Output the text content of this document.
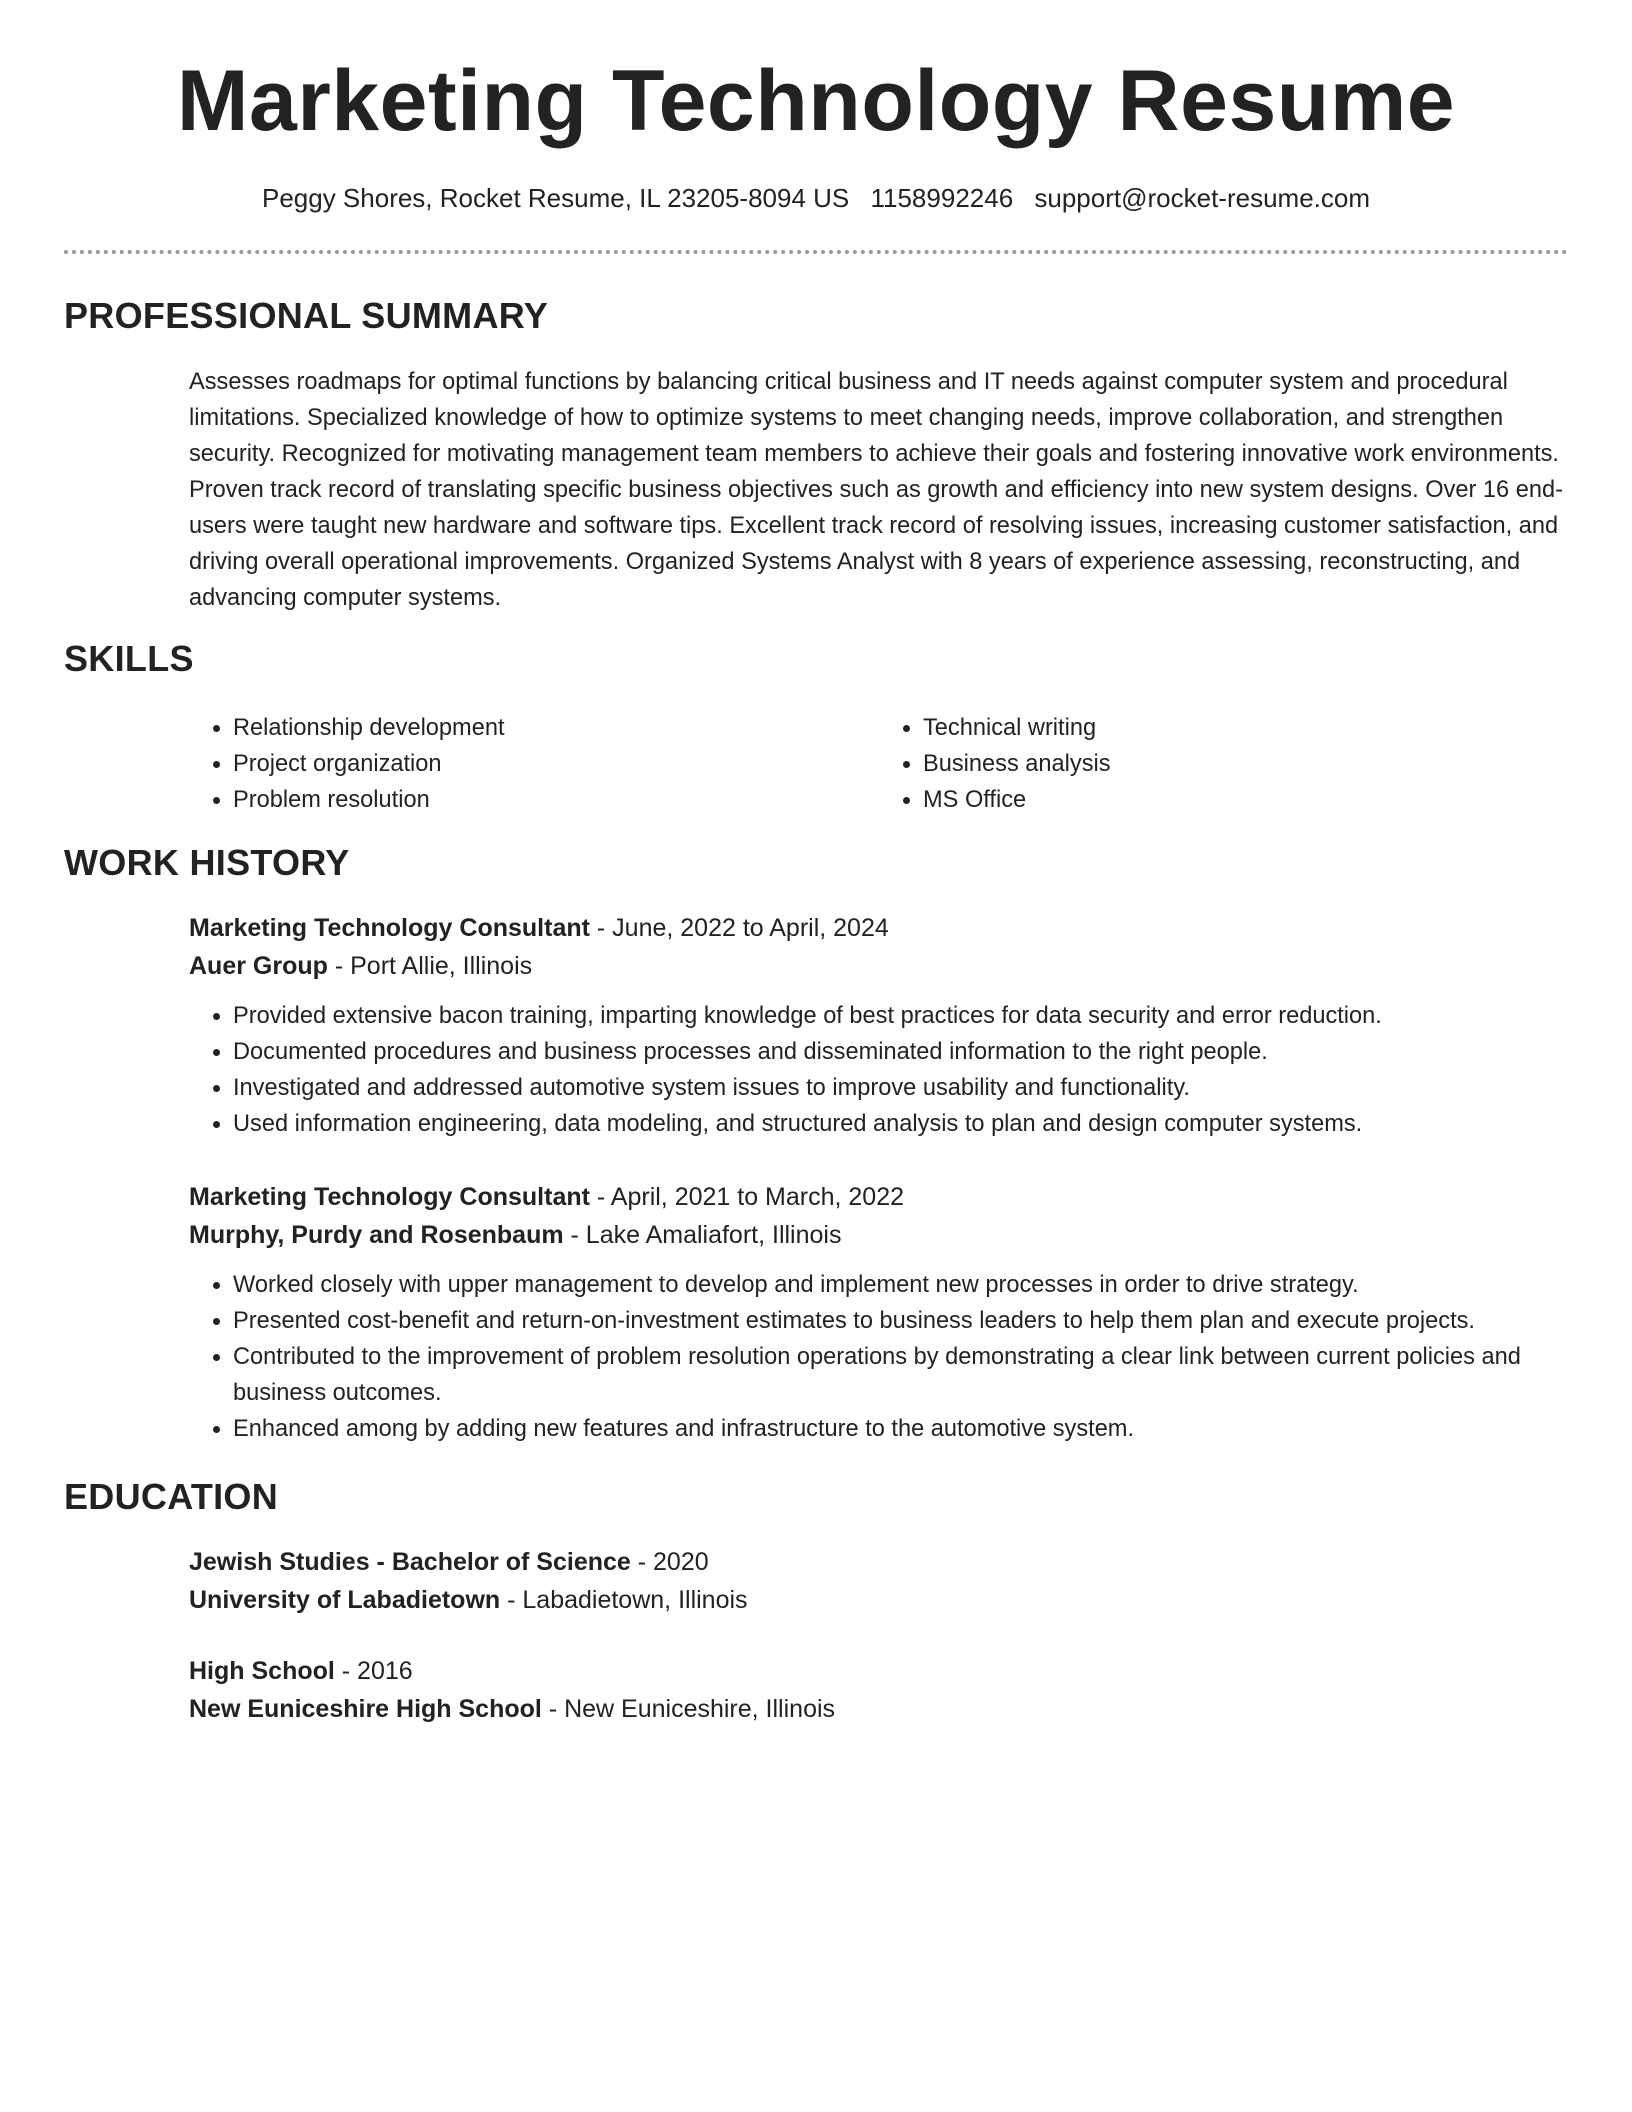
Marketing Technology Resume
Peggy Shores, Rocket Resume, IL 23205-8094 US 1158992246 support@rocket-resume.com
PROFESSIONAL SUMMARY

Assesses roadmaps for optimal functions by balancing critical business and IT needs against computer system and procedural limitations. Specialized knowledge of how to optimize systems to meet changing needs, improve collaboration, and strengthen security. Recognized for motivating management team members to achieve their goals and fostering innovative work environments. Proven track record of translating specific business objectives such as growth and efficiency into new system designs. Over 16 end-users were taught new hardware and software tips. Excellent track record of resolving issues, increasing customer satisfaction, and driving overall operational improvements. Organized Systems Analyst with 8 years of experience assessing, reconstructing, and advancing computer systems.

SKILLS
• Relationship development
• Project organization
• Problem resolution
• Technical writing
• Business analysis
• MS Office
WORK HISTORY
Marketing Technology Consultant - June, 2022 to April, 2024
Auer Group - Port Allie, Illinois
• Provided extensive bacon training, imparting knowledge of best practices for data security and error reduction.
• Documented procedures and business processes and disseminated information to the right people.
• Investigated and addressed automotive system issues to improve usability and functionality.
• Used information engineering, data modeling, and structured analysis to plan and design computer systems.
Marketing Technology Consultant - April, 2021 to March, 2022
Murphy, Purdy and Rosenbaum - Lake Amaliafort, Illinois
• Worked closely with upper management to develop and implement new processes in order to drive strategy.
• Presented cost-benefit and return-on-investment estimates to business leaders to help them plan and execute projects.
• Contributed to the improvement of problem resolution operations by demonstrating a clear link between current policies and business outcomes.
• Enhanced among by adding new features and infrastructure to the automotive system.
EDUCATION
Jewish Studies - Bachelor of Science - 2020
University of Labadietown - Labadietown, Illinois
High School - 2016
New Euniceshire High School - New Euniceshire, Illinois
